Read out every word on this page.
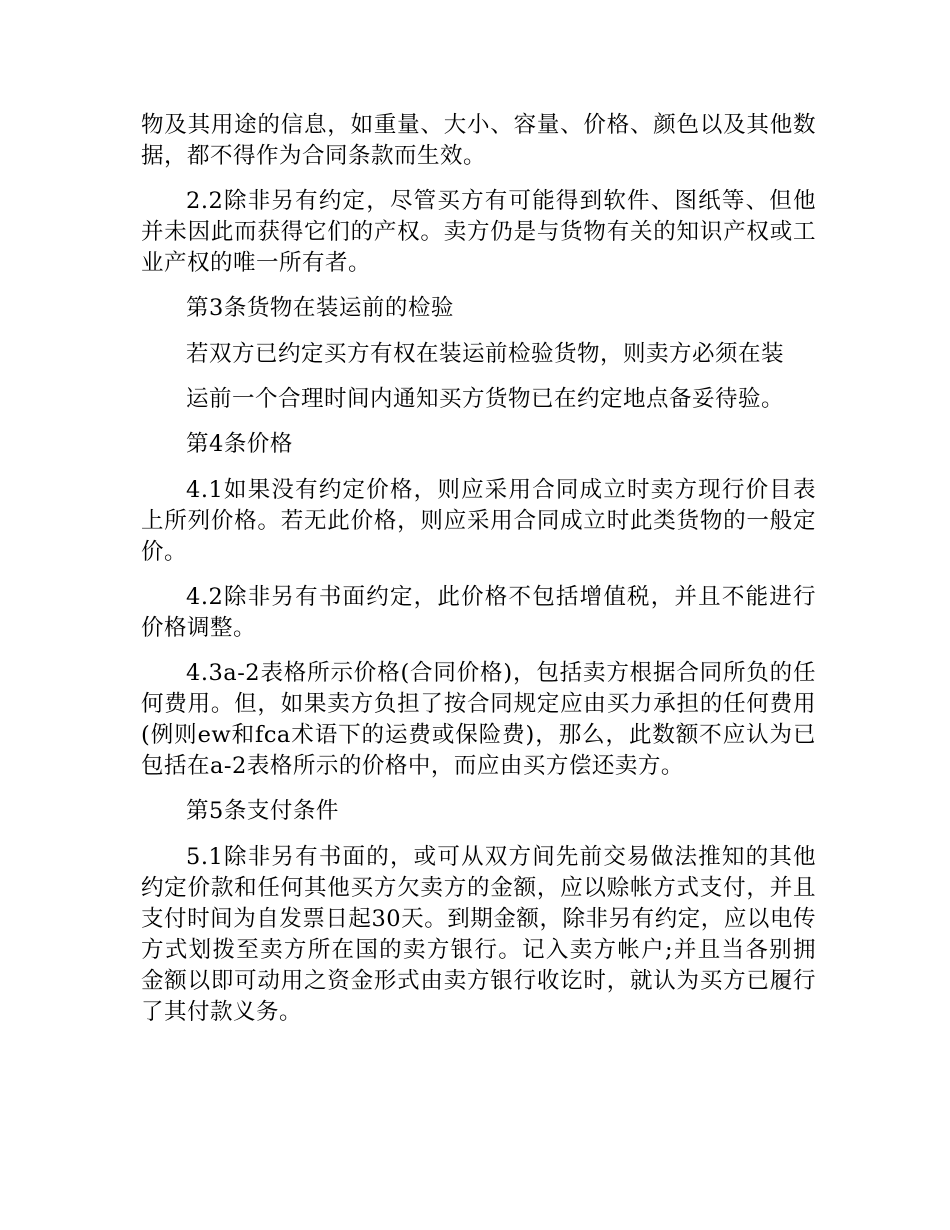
物及其用途的信息，如重量、大小、容量、价格、颜色以及其他数据，都不得作为合同条款而生效。

2.2除非另有约定，尽管买方有可能得到软件、图纸等、但他并未因此而获得它们的产权。卖方仍是与货物有关的知识产权或工业产权的唯一所有者。

第3条货物在装运前的检验

若双方已约定买方有权在装运前检验货物，则卖方必须在装

运前一个合理时间内通知买方货物已在约定地点备妥待验。

第4条价格

4.1如果没有约定价格，则应采用合同成立时卖方现行价目表上所列价格。若无此价格，则应采用合同成立时此类货物的一般定价。

4.2除非另有书面约定，此价格不包括增值税，并且不能进行价格调整。

4.3a-2表格所示价格(合同价格)，包括卖方根据合同所负的任何费用。但，如果卖方负担了按合同规定应由买力承担的任何费用(例则ew和fca术语下的运费或保险费)，那么，此数额不应认为已包括在a-2表格所示的价格中，而应由买方偿还卖方。

第5条支付条件

5.1除非另有书面的，或可从双方间先前交易做法推知的其他约定价款和任何其他买方欠卖方的金额，应以赊帐方式支付，并且支付时间为自发票日起30天。到期金额，除非另有约定，应以电传方式划拨至卖方所在国的卖方银行。记入卖方帐户;并且当各别拥金额以即可动用之资金形式由卖方银行收讫时，就认为买方已履行了其付款义务。
